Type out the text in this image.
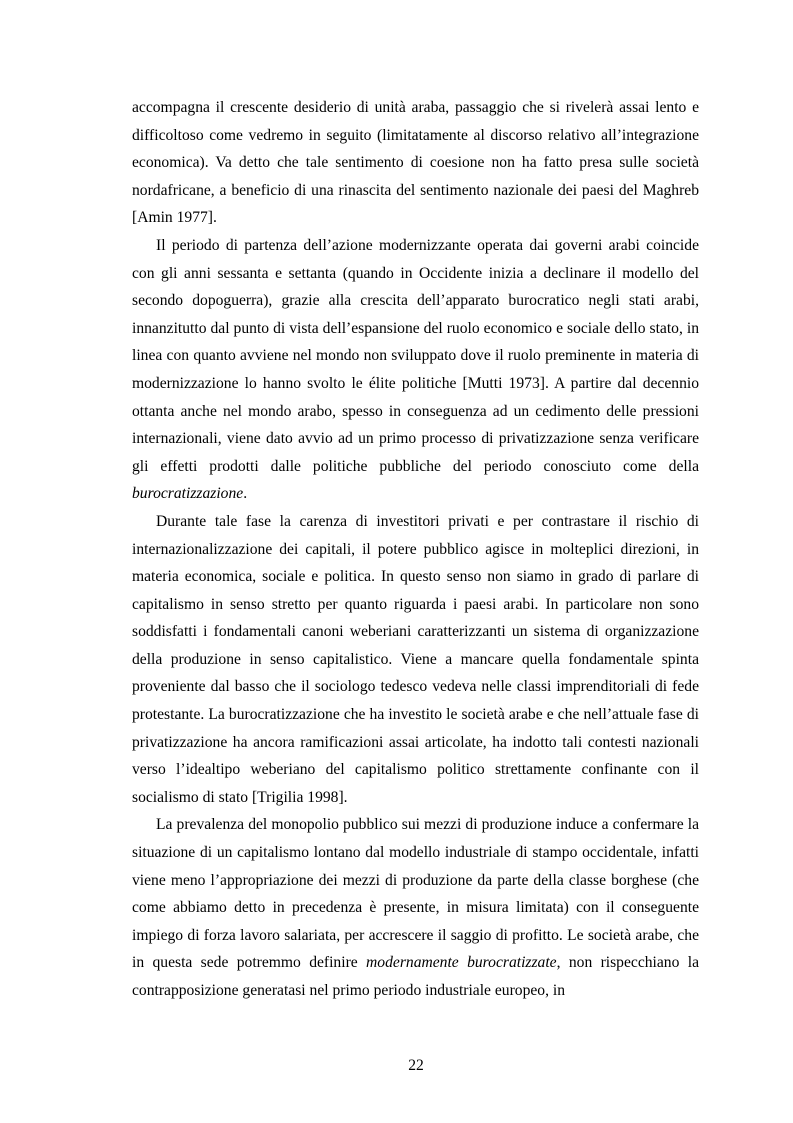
accompagna il crescente desiderio di unità araba, passaggio che si rivelerà assai lento e difficoltoso come vedremo in seguito (limitatamente al discorso relativo all’integrazione economica). Va detto che tale sentimento di coesione non ha fatto presa sulle società nordafricane, a beneficio di una rinascita del sentimento nazionale dei paesi del Maghreb [Amin 1977].

Il periodo di partenza dell’azione modernizzante operata dai governi arabi coincide con gli anni sessanta e settanta (quando in Occidente inizia a declinare il modello del secondo dopoguerra), grazie alla crescita dell’apparato burocratico negli stati arabi, innanzitutto dal punto di vista dell’espansione del ruolo economico e sociale dello stato, in linea con quanto avviene nel mondo non sviluppato dove il ruolo preminente in materia di modernizzazione lo hanno svolto le élite politiche [Mutti 1973]. A partire dal decennio ottanta anche nel mondo arabo, spesso in conseguenza ad un cedimento delle pressioni internazionali, viene dato avvio ad un primo processo di privatizzazione senza verificare gli effetti prodotti dalle politiche pubbliche del periodo conosciuto come della burocratizzazione.

Durante tale fase la carenza di investitori privati e per contrastare il rischio di internazionalizzazione dei capitali, il potere pubblico agisce in molteplici direzioni, in materia economica, sociale e politica. In questo senso non siamo in grado di parlare di capitalismo in senso stretto per quanto riguarda i paesi arabi. In particolare non sono soddisfatti i fondamentali canoni weberiani caratterizzanti un sistema di organizzazione della produzione in senso capitalistico. Viene a mancare quella fondamentale spinta proveniente dal basso che il sociologo tedesco vedeva nelle classi imprenditoriali di fede protestante. La burocratizzazione che ha investito le società arabe e che nell’attuale fase di privatizzazione ha ancora ramificazioni assai articolate, ha indotto tali contesti nazionali verso l’idealtipo weberiano del capitalismo politico strettamente confinante con il socialismo di stato [Trigilia 1998].

La prevalenza del monopolio pubblico sui mezzi di produzione induce a confermare la situazione di un capitalismo lontano dal modello industriale di stampo occidentale, infatti viene meno l’appropriazione dei mezzi di produzione da parte della classe borghese (che come abbiamo detto in precedenza è presente, in misura limitata) con il conseguente impiego di forza lavoro salariata, per accrescere il saggio di profitto. Le società arabe, che in questa sede potremmo definire modernamente burocratizzate, non rispecchiano la contrapposizione generatasi nel primo periodo industriale europeo, in

22
